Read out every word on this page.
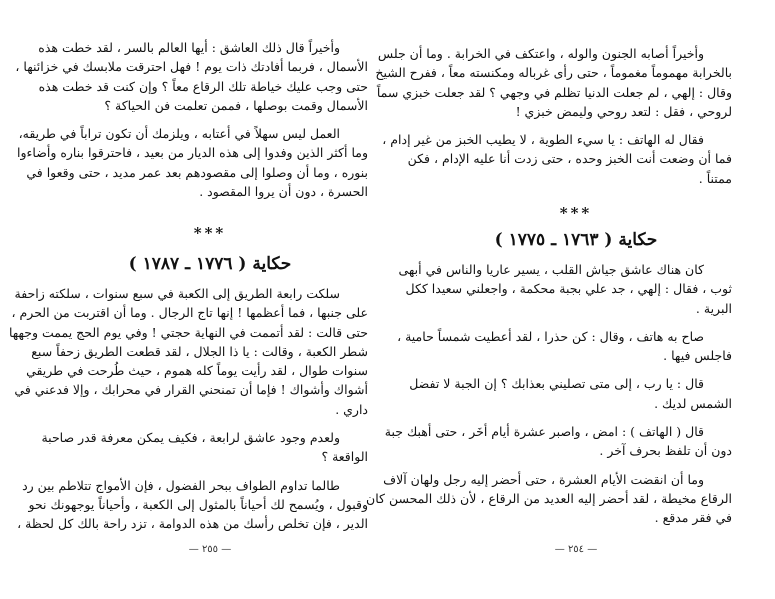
وأخيراً قال ذلك العاشق : أيها العالم بالسر ، لقد خطت هذه
الأسمال ، فربما أفادتك ذات يوم ! فهل احترقت ملابسك في خزائنها ،
حتى وجب عليك خياطة تلك الرقاع معاً ؟ وإن كنت قد خطت هذه
الأسمال وقمت بوصلها ، فممن تعلمت فن الحياكة ؟

العمل ليس سهلاً في أعتابه ، ويلزمك أن تكون تراباً في طريقه،
وما أكثر الذين وفدوا إلى هذه الديار من بعيد ، فاحترقوا بناره وأضاءوا
بنوره ، وما أن وصلوا إلى مقصودهم بعد عمر مديد ، حتى وقعوا في
الحسرة ، دون أن يروا المقصود .

***
حكاية ( ١٧٧٦ ـ ١٧٨٧ )

سلكت رابعة الطريق إلى الكعبة في سبع سنوات ، سلكته زاحفة
على جنبها ، فما أعظمها ! إنها تاج الرجال . وما أن اقتربت من الحرم ،
حتى قالت : لقد أتممت في النهاية حجتي ! وفي يوم الحج يممت وجهها
شطر الكعبة ، وقالت : يا ذا الجلال ، لقد قطعت الطريق زحفاً سبع
سنوات طوال ، لقد رأيت يوماً كله هموم ، حيث طُرحت في طريقي
أشواك وأشواك ! فإما أن تمنحني القرار في محرابك ، وإلا فدعني في
داري .

ولعدم وجود عاشق لرابعة ، فكيف يمكن معرفة قدر صاحبة
الواقعة ؟

طالما تداوم الطواف ببحر الفضول ، فإن الأمواج تتلاطم بين رد
وقبول ، ويُسمح لك أحياناً بالمثول إلى الكعبة ، وأحياناً يوجهونك نحو
الدير ، فإن تخلص رأسك من هذه الدوامة ، تزد راحة بالك كل لحظة ،

— ٢٥٥ —

وأخيراً أصابه الجنون والوله ، واعتكف في الخرابة . وما أن جلس
بالخرابة مهموماً مغموماً ، حتى رأى غرباله ومكنسته معاً ، ففرح الشيخ
وقال : إلهي ، لم جعلت الدنيا تظلم في وجهي ؟ لقد جعلت خبزي سماً
لروحي ، فقل : لتعد روحي وليمض خبزي !

فقال له الهاتف : يا سيء الطوية ، لا يطيب الخبز من غير إدام ،
فما أن وضعت أنت الخبز وحده ، حتى زدت أنا عليه الإدام ، فكن
ممتناً .

***
حكاية ( ١٧٦٣ ـ ١٧٧٥ )

كان هناك عاشق جياش القلب ، يسير عاريا والناس في أبهى
ثوب ، فقال : إلهي ، جد علي بجبة محكمة ، واجعلني سعيدا ككل
البرية .

صاح به هاتف ، وقال : كن حذرا ، لقد أعطيت شمساً حامية ،
فاجلس فيها .

قال : يا رب ، إلى متى تصليني بعذابك ؟ إن الجبة لا تفضل
الشمس لديك .

قال ( الهاتف ) : امض ، واصبر عشرة أيام أخَر ، حتى أهبك جبة
دون أن تلفظ بحرف آخر .

وما أن انقضت الأيام العشرة ، حتى أحضر إليه رجل ولهان آلاف
الرقاع مخيطة ، لقد أحضر إليه العديد من الرقاع ، لأن ذلك المحسن كان
في فقر مدقع .

— ٢٥٤ —
